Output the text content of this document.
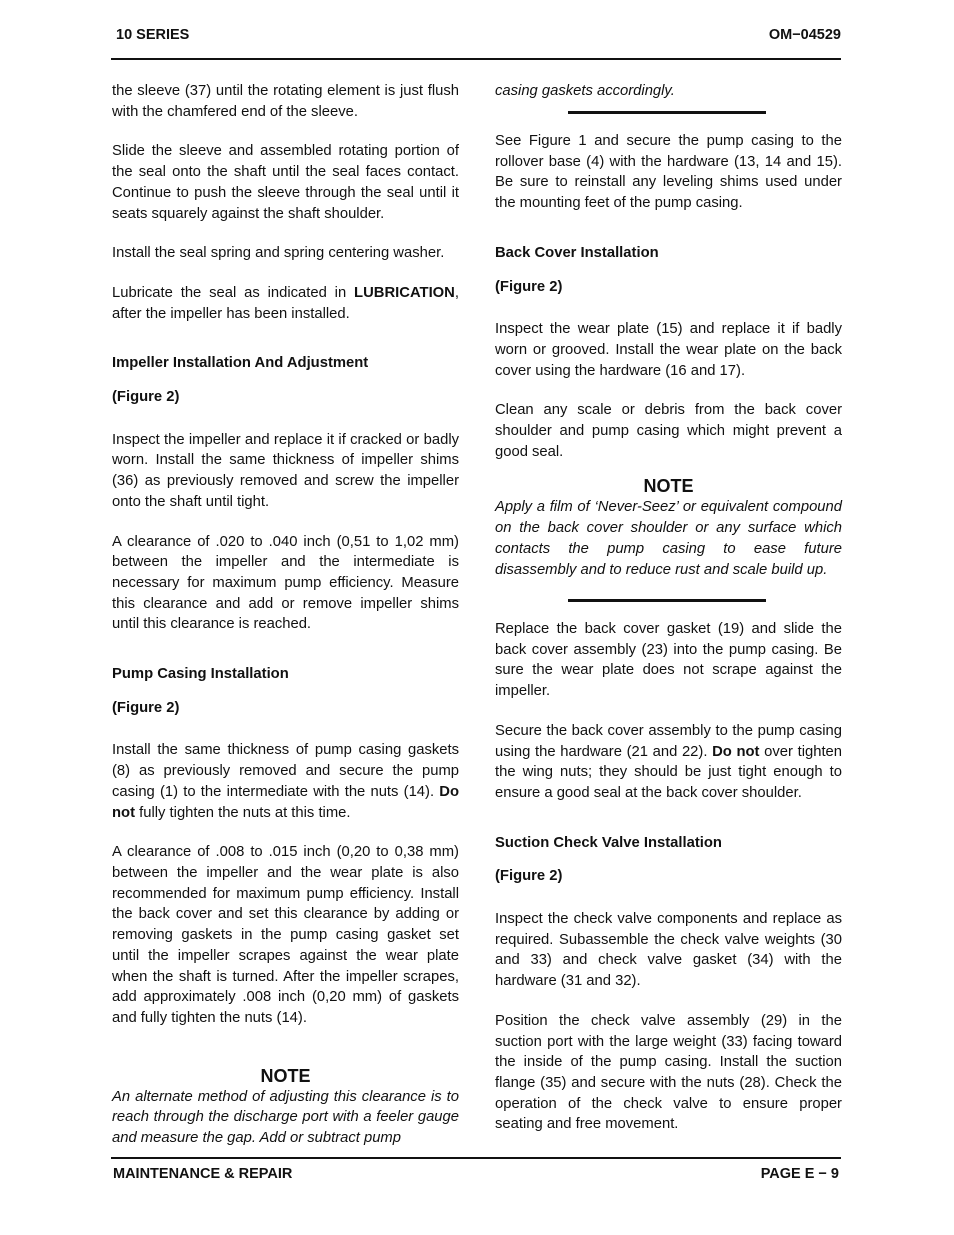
10 SERIES	OM−04529

the sleeve (37) until the rotating element is just flush with the chamfered end of the sleeve.

Slide the sleeve and assembled rotating portion of the seal onto the shaft until the seal faces contact. Continue to push the sleeve through the seal until it seats squarely against the shaft shoulder.

Install the seal spring and spring centering washer.

Lubricate the seal as indicated in LUBRICATION, after the impeller has been installed.

Impeller Installation And Adjustment

(Figure 2)

Inspect the impeller and replace it if cracked or badly worn. Install the same thickness of impeller shims (36) as previously removed and screw the impeller onto the shaft until tight.

A clearance of .020 to .040 inch (0,51 to 1,02 mm) between the impeller and the intermediate is necessary for maximum pump efficiency. Measure this clearance and add or remove impeller shims until this clearance is reached.

Pump Casing Installation

(Figure 2)

Install the same thickness of pump casing gaskets (8) as previously removed and secure the pump casing (1) to the intermediate with the nuts (14). Do not fully tighten the nuts at this time.

A clearance of .008 to .015 inch (0,20 to 0,38 mm) between the impeller and the wear plate is also recommended for maximum pump efficiency. Install the back cover and set this clearance by adding or removing gaskets in the pump casing gasket set until the impeller scrapes against the wear plate when the shaft is turned. After the impeller scrapes, add approximately .008 inch (0,20 mm) of gaskets and fully tighten the nuts (14).

NOTE

An alternate method of adjusting this clearance is to reach through the discharge port with a feeler gauge and measure the gap. Add or subtract pump

casing gaskets accordingly.

See Figure 1 and secure the pump casing to the rollover base (4) with the hardware (13, 14 and 15). Be sure to reinstall any leveling shims used under the mounting feet of the pump casing.

Back Cover Installation

(Figure 2)

Inspect the wear plate (15) and replace it if badly worn or grooved. Install the wear plate on the back cover using the hardware (16 and 17).

Clean any scale or debris from the back cover shoulder and pump casing which might prevent a good seal.

NOTE

Apply a film of ‘Never-Seez’ or equivalent compound on the back cover shoulder or any surface which contacts the pump casing to ease future disassembly and to reduce rust and scale build up.

Replace the back cover gasket (19) and slide the back cover assembly (23) into the pump casing. Be sure the wear plate does not scrape against the impeller.

Secure the back cover assembly to the pump casing using the hardware (21 and 22). Do not over tighten the wing nuts; they should be just tight enough to ensure a good seal at the back cover shoulder.

Suction Check Valve Installation

(Figure 2)

Inspect the check valve components and replace as required. Subassemble the check valve weights (30 and 33) and check valve gasket (34) with the hardware (31 and 32).

Position the check valve assembly (29) in the suction port with the large weight (33) facing toward the inside of the pump casing. Install the suction flange (35) and secure with the nuts (28). Check the operation of the check valve to ensure proper seating and free movement.

MAINTENANCE & REPAIR	PAGE E − 9
